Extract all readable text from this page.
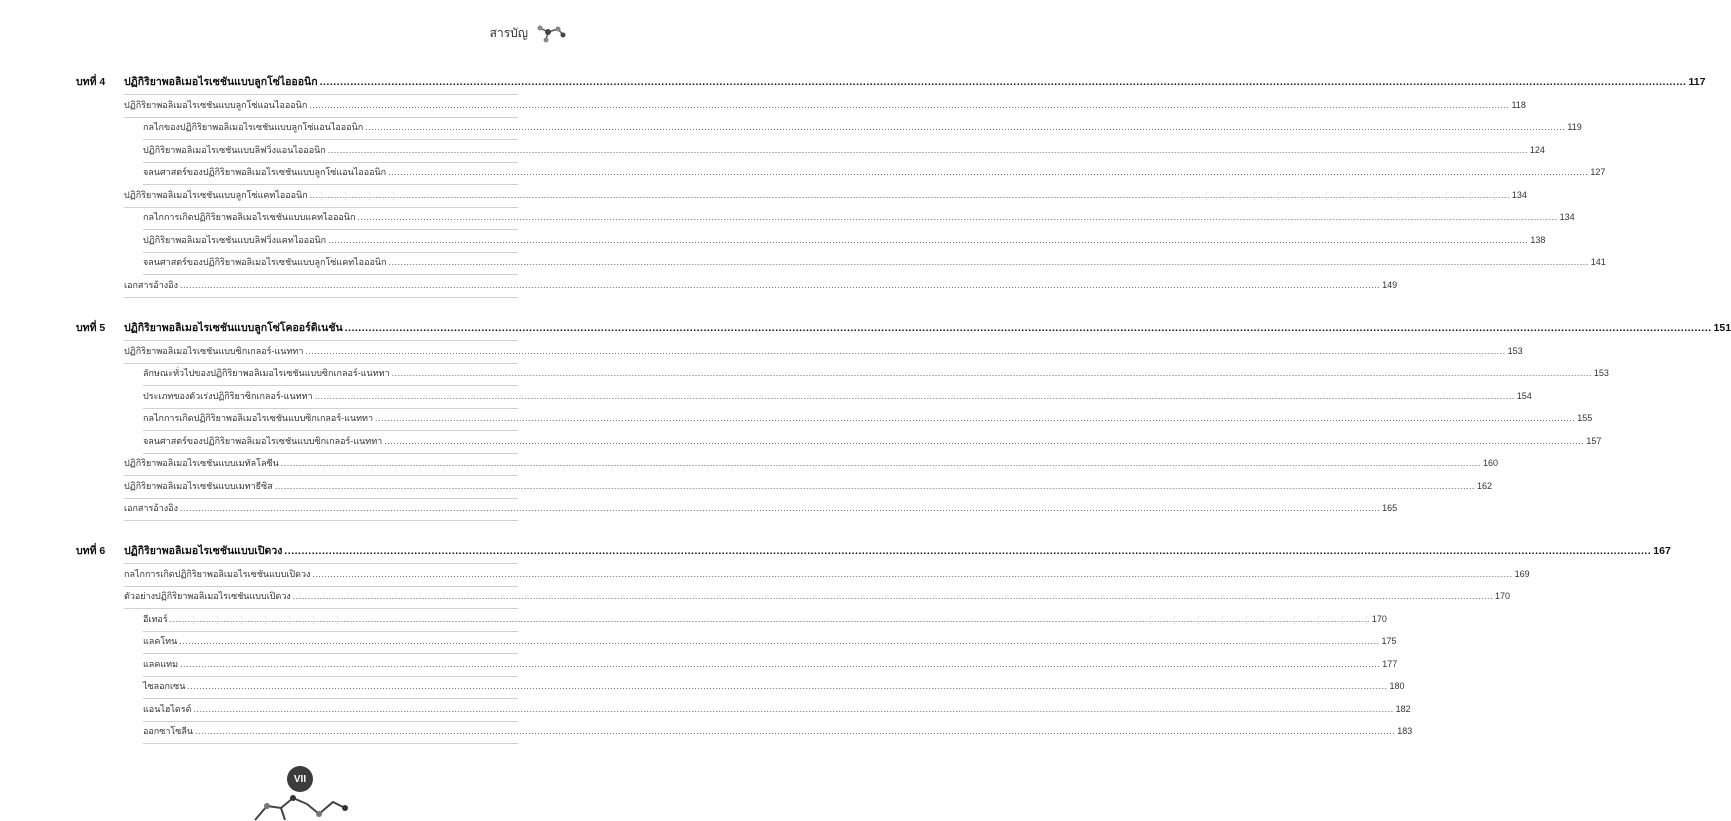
สารบัญ
บทที่ 4 ปฏิกิริยาพอลิเมอไรเซชันแบบลูกโซ่ไอออนิก ................................................................................................................................................................................................................................................................................................................................................................................................................ 117
ปฏิกิริยาพอลิเมอไรเซชันแบบลูกโซ่แอนไอออนิก ................................................................................................................................................................................................................................................................................................................................................................................................................ 118
กลไกของปฏิกิริยาพอลิเมอไรเซชันแบบลูกโซ่แอนไอออนิก ................................................................................................................................................................................................................................................................................................................................................................................................................ 119
ปฏิกิริยาพอลิเมอไรเซชันแบบลิฟวิ่งแอนไอออนิก ................................................................................................................................................................................................................................................................................................................................................................................................................ 124
จลนศาสตร์ของปฏิกิริยาพอลิเมอไรเซชันแบบลูกโซ่แอนไอออนิก ................................................................................................................................................................................................................................................................................................................................................................................................................ 127
ปฏิกิริยาพอลิเมอไรเซชันแบบลูกโซ่แคทไอออนิก ................................................................................................................................................................................................................................................................................................................................................................................................................ 134
กลไกการเกิดปฏิกิริยาพอลิเมอไรเซชันแบบแคทไอออนิก ................................................................................................................................................................................................................................................................................................................................................................................................................ 134
ปฏิกิริยาพอลิเมอไรเซชันแบบลิฟวิ่งแคทไอออนิก ................................................................................................................................................................................................................................................................................................................................................................................................................ 138
จลนศาสตร์ของปฏิกิริยาพอลิเมอไรเซชันแบบลูกโซ่แคทไอออนิก ................................................................................................................................................................................................................................................................................................................................................................................................................ 141
เอกสารอ้างอิง ................................................................................................................................................................................................................................................................................................................................................................................................................ 149
บทที่ 5 ปฏิกิริยาพอลิเมอไรเซชันแบบลูกโซ่โคออร์ดิเนชัน ................................................................................................................................................................................................................................................................................................................................................................................................................ 151
ปฏิกิริยาพอลิเมอไรเซชันแบบซิกเกลอร์-แนททา ................................................................................................................................................................................................................................................................................................................................................................................................................ 153
ลักษณะทั่วไปของปฏิกิริยาพอลิเมอไรเซชันแบบซิกเกลอร์-แนททา ................................................................................................................................................................................................................................................................................................................................................................................................................ 153
ประเภทของตัวเร่งปฏิกิริยาซิกเกลอร์-แนททา ................................................................................................................................................................................................................................................................................................................................................................................................................ 154
กลไกการเกิดปฏิกิริยาพอลิเมอไรเซชันแบบซิกเกลอร์-แนททา ................................................................................................................................................................................................................................................................................................................................................................................................................ 155
จลนศาสตร์ของปฏิกิริยาพอลิเมอไรเซชันแบบซิกเกลอร์-แนททา ................................................................................................................................................................................................................................................................................................................................................................................................................ 157
ปฏิกิริยาพอลิเมอไรเซชันแบบเมทัลโลซีน ................................................................................................................................................................................................................................................................................................................................................................................................................ 160
ปฏิกิริยาพอลิเมอไรเซชันแบบเมทาธีซิส ................................................................................................................................................................................................................................................................................................................................................................................................................ 162
เอกสารอ้างอิง ................................................................................................................................................................................................................................................................................................................................................................................................................ 165
บทที่ 6 ปฏิกิริยาพอลิเมอไรเซชันแบบเปิดวง ................................................................................................................................................................................................................................................................................................................................................................................................................ 167
กลไกการเกิดปฏิกิริยาพอลิเมอไรเซชันแบบเปิดวง ................................................................................................................................................................................................................................................................................................................................................................................................................ 169
ตัวอย่างปฏิกิริยาพอลิเมอไรเซชันแบบเปิดวง ................................................................................................................................................................................................................................................................................................................................................................................................................ 170
อีเทอร์ ................................................................................................................................................................................................................................................................................................................................................................................................................ 170
แลคโทน ................................................................................................................................................................................................................................................................................................................................................................................................................ 175
แลคแทม ................................................................................................................................................................................................................................................................................................................................................................................................................ 177
ไซลอกเซน ................................................................................................................................................................................................................................................................................................................................................................................................................ 180
แอนไฮไดรด์ ................................................................................................................................................................................................................................................................................................................................................................................................................ 182
ออกซาโซลีน ................................................................................................................................................................................................................................................................................................................................................................................................................ 183
VII
